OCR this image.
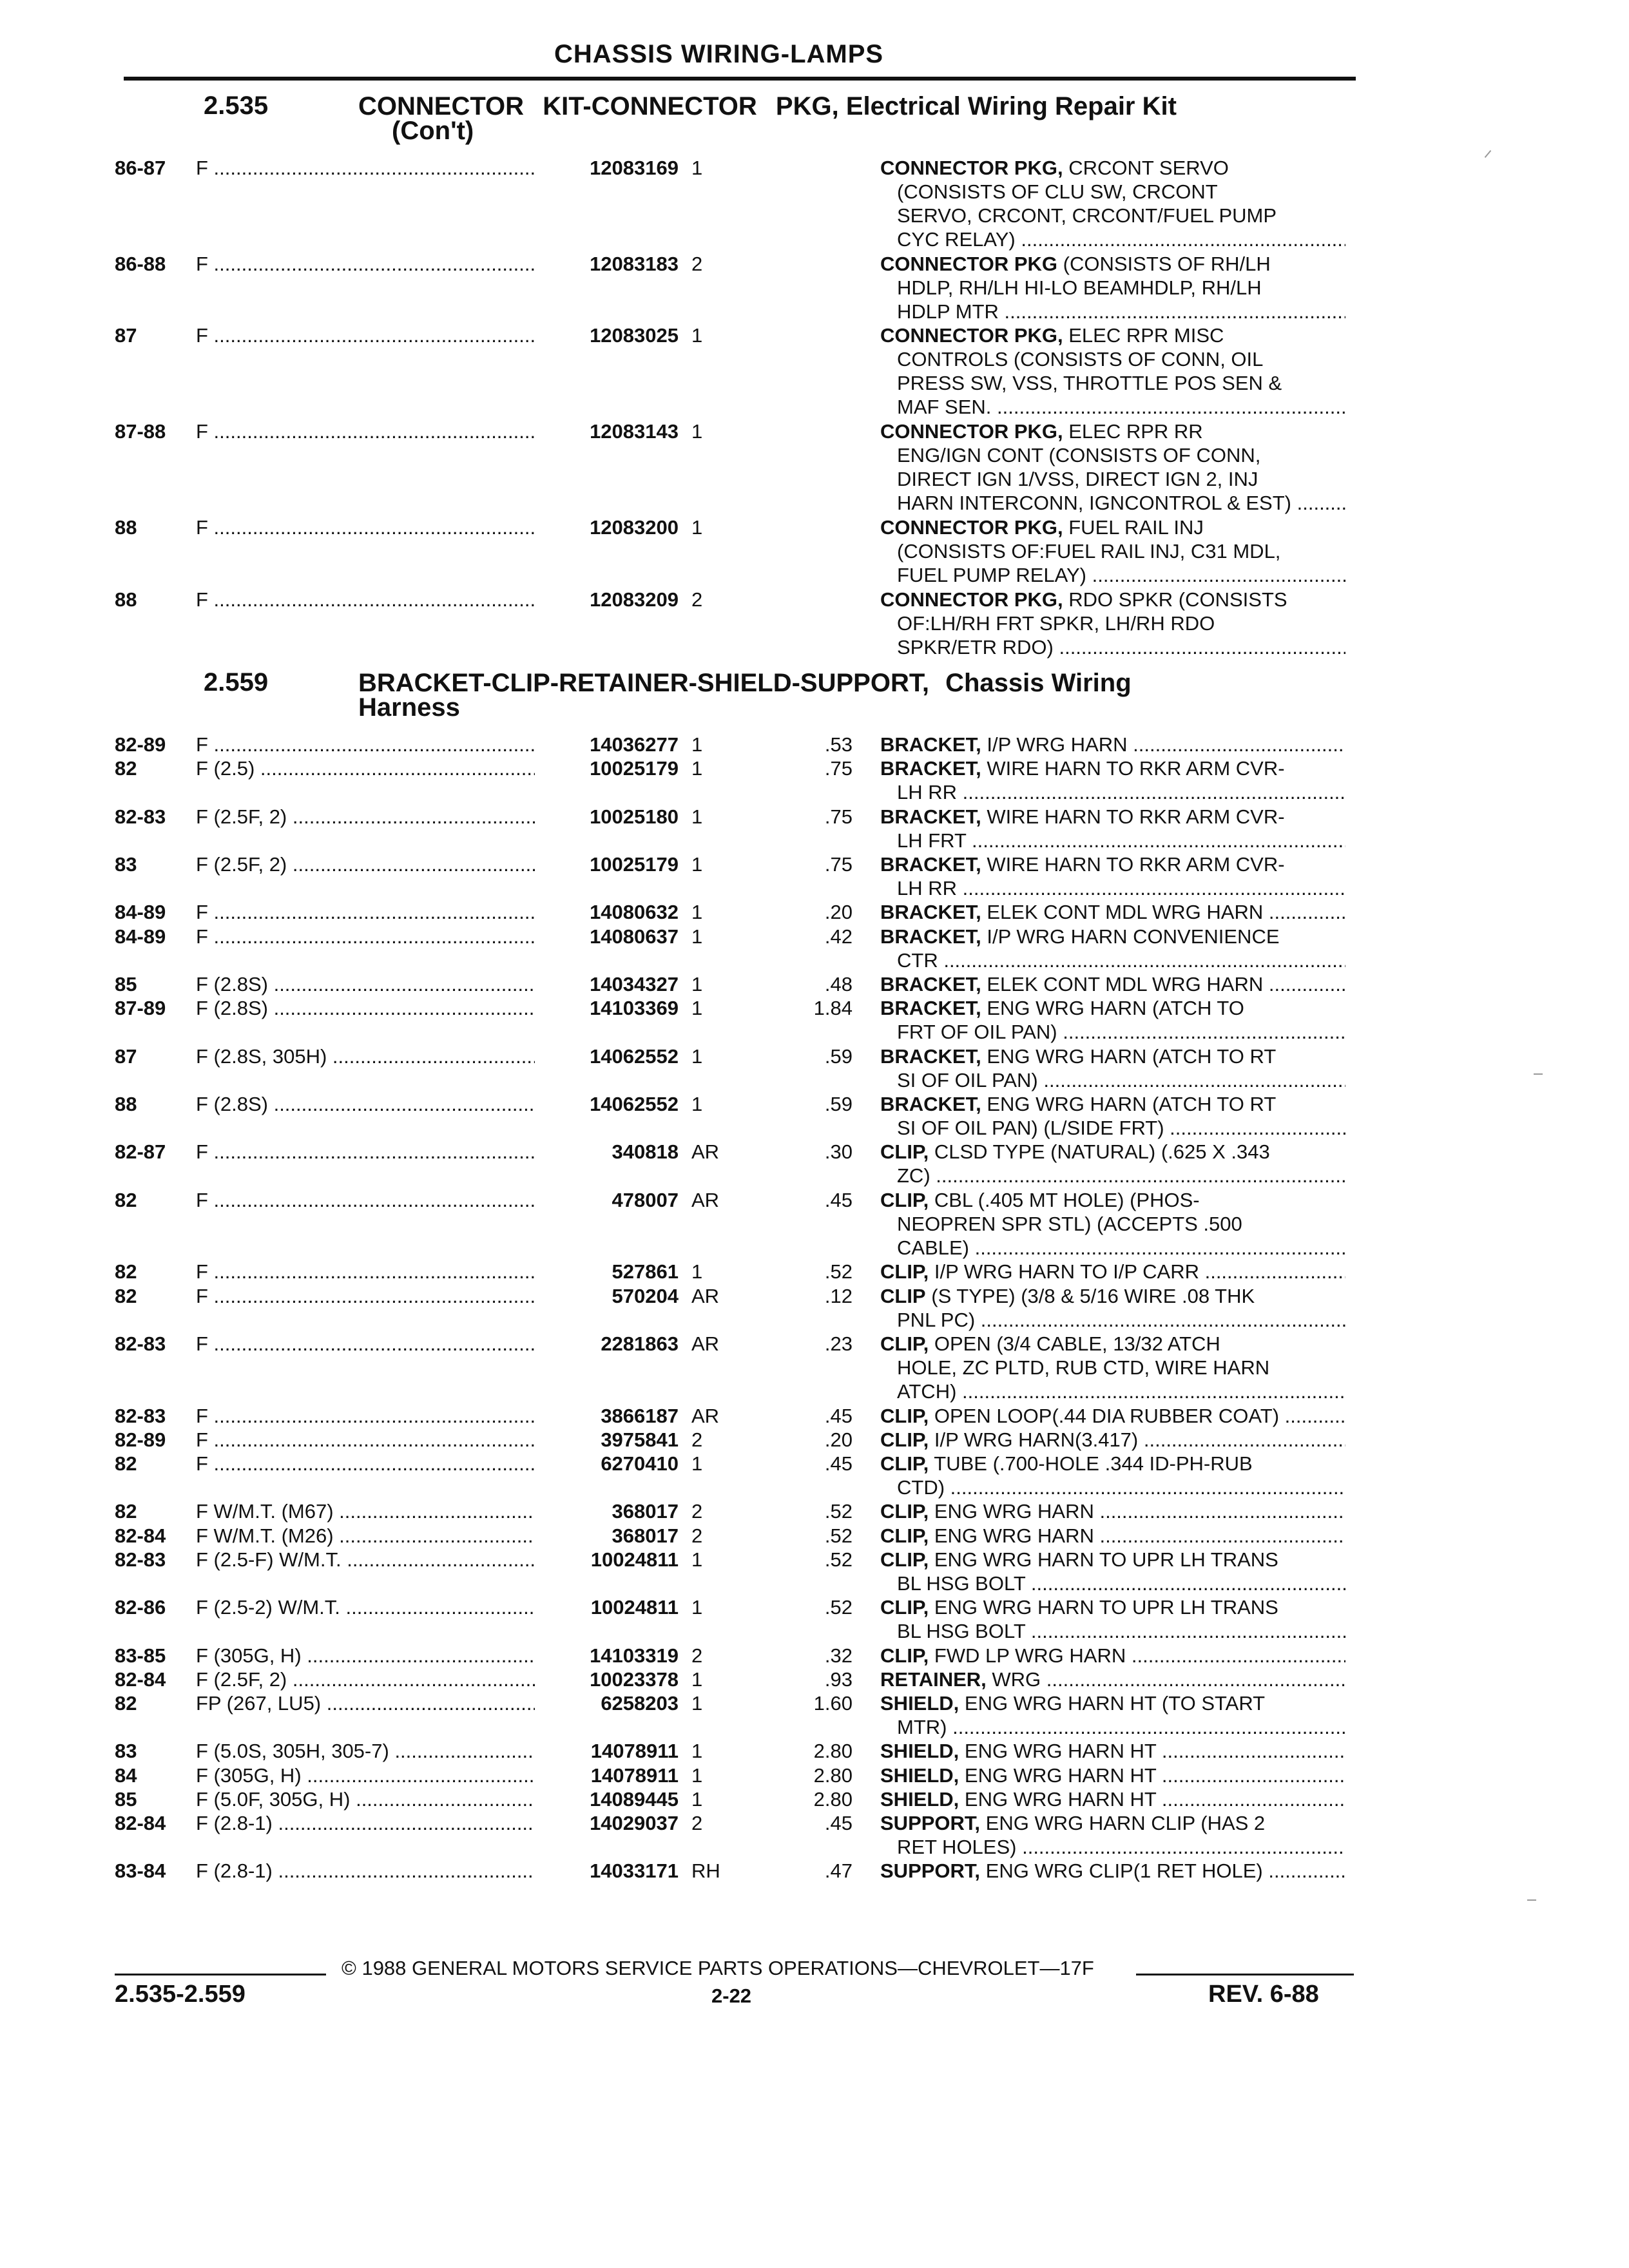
CHASSIS WIRING-LAMPS
2.535	CONNECTOR KIT-CONNECTOR PKG, Electrical Wiring Repair Kit
(Con't)
86-87 F .....	12083169 1	CONNECTOR PKG, CRCONT SERVO
(CONSISTS OF CLU SW, CRCONT
SERVO, CRCONT, CRCONT/FUEL PUMP
CYC RELAY) .....
86-88 F .....	12083183 2	CONNECTOR PKG (CONSISTS OF RH/LH
HDLP, RH/LH HI-LO BEAMHDLP, RH/LH
HDLP MTR .....
87	F .....	12083025 1	CONNECTOR PKG, ELEC RPR MISC
CONTROLS (CONSISTS OF CONN, OIL
PRESS SW, VSS, THROTTLE POS SEN &
MAF SEN. .....
87-88 F .....	12083143 1	CONNECTOR PKG, ELEC RPR RR
ENG/IGN CONT (CONSISTS OF CONN,
DIRECT IGN 1/VSS, DIRECT IGN 2, INJ
HARN INTERCONN, IGNCONTROL & EST) .....
88	F .....	12083200 1	CONNECTOR PKG, FUEL RAIL INJ
(CONSISTS OF:FUEL RAIL INJ, C31 MDL,
FUEL PUMP RELAY) .....
88	F .....	12083209 2	CONNECTOR PKG, RDO SPKR (CONSISTS
OF:LH/RH FRT SPKR, LH/RH RDO
SPKR/ETR RDO) .....
2.559	BRACKET-CLIP-RETAINER-SHIELD-SUPPORT, Chassis Wiring
Harness
82-89 F .....	14036277 1	.53 BRACKET, I/P WRG HARN .....
82	F (2.5) .....	10025179 1	.75 BRACKET, WIRE HARN TO RKR ARM CVR-
LH RR .....
82-83 F (2.5F, 2) .....	10025180 1	.75 BRACKET, WIRE HARN TO RKR ARM CVR-
LH FRT .....
83	F (2.5F, 2) .....	10025179 1	.75 BRACKET, WIRE HARN TO RKR ARM CVR-
LH RR .....
84-89 F .....	14080632 1	.20 BRACKET, ELEK CONT MDL WRG HARN .....
84-89 F .....	14080637 1	.42 BRACKET, I/P WRG HARN CONVENIENCE
CTR .....
85	F (2.8S) .....	14034327 1	.48 BRACKET, ELEK CONT MDL WRG HARN .....
87-89 F (2.8S) .....	14103369 1	1.84 BRACKET, ENG WRG HARN (ATCH TO
FRT OF OIL PAN) .....
87	F (2.8S, 305H) .....	14062552 1	.59 BRACKET, ENG WRG HARN (ATCH TO RT
SI OF OIL PAN) .....
88	F (2.8S) .....	14062552 1	.59 BRACKET, ENG WRG HARN (ATCH TO RT
SI OF OIL PAN) (L/SIDE FRT) .....
82-87 F .....	340818 AR	.30 CLIP, CLSD TYPE (NATURAL) (.625 X .343
ZC) .....
82	F .....	478007 AR	.45 CLIP, CBL (.405 MT HOLE) (PHOS-
NEOPREN SPR STL) (ACCEPTS .500
CABLE) .....
82	F .....	527861 1	.52 CLIP, I/P WRG HARN TO I/P CARR .....
82	F .....	570204 AR	.12 CLIP (S TYPE) (3/8 & 5/16 WIRE .08 THK
PNL PC) .....
82-83 F .....	2281863 AR	.23 CLIP, OPEN (3/4 CABLE, 13/32 ATCH
HOLE, ZC PLTD, RUB CTD, WIRE HARN
ATCH) .....
82-83 F .....	3866187 AR	.45 CLIP, OPEN LOOP(.44 DIA RUBBER COAT) .....
82-89 F .....	3975841 2	.20 CLIP, I/P WRG HARN(3.417) .....
82	F .....	6270410 1	.45 CLIP, TUBE (.700-HOLE .344 ID-PH-RUB
CTD) .....
82	F W/M.T. (M67) .....	368017 2	.52 CLIP, ENG WRG HARN .....
82-84 F W/M.T. (M26) .....	368017 2	.52 CLIP, ENG WRG HARN .....
82-83 F (2.5-F) W/M.T. .....	10024811 1	.52 CLIP, ENG WRG HARN TO UPR LH TRANS
BL HSG BOLT .....
82-86 F (2.5-2) W/M.T. .....	10024811 1	.52 CLIP, ENG WRG HARN TO UPR LH TRANS
BL HSG BOLT .....
83-85 F (305G, H) .....	14103319 2	.32 CLIP, FWD LP WRG HARN .....
82-84 F (2.5F, 2) .....	10023378 1	.93 RETAINER, WRG .....
82	FP (267, LU5) .....	6258203 1	1.60 SHIELD, ENG WRG HARN HT (TO START
MTR) .....
83	F (5.0S, 305H, 305-7) .....	14078911 1	2.80 SHIELD, ENG WRG HARN HT .....
84	F (305G, H) .....	14078911 1	2.80 SHIELD, ENG WRG HARN HT .....
85	F (5.0F, 305G, H) .....	14089445 1	2.80 SHIELD, ENG WRG HARN HT .....
82-84 F (2.8-1) .....	14029037 2	.45 SUPPORT, ENG WRG HARN CLIP (HAS 2
RET HOLES) .....
83-84 F (2.8-1) .....	14033171 RH	.47 SUPPORT, ENG WRG CLIP(1 RET HOLE) .....
© 1988 GENERAL MOTORS SERVICE PARTS OPERATIONS—CHEVROLET—17F
2.535-2.559	2-22	REV. 6-88
